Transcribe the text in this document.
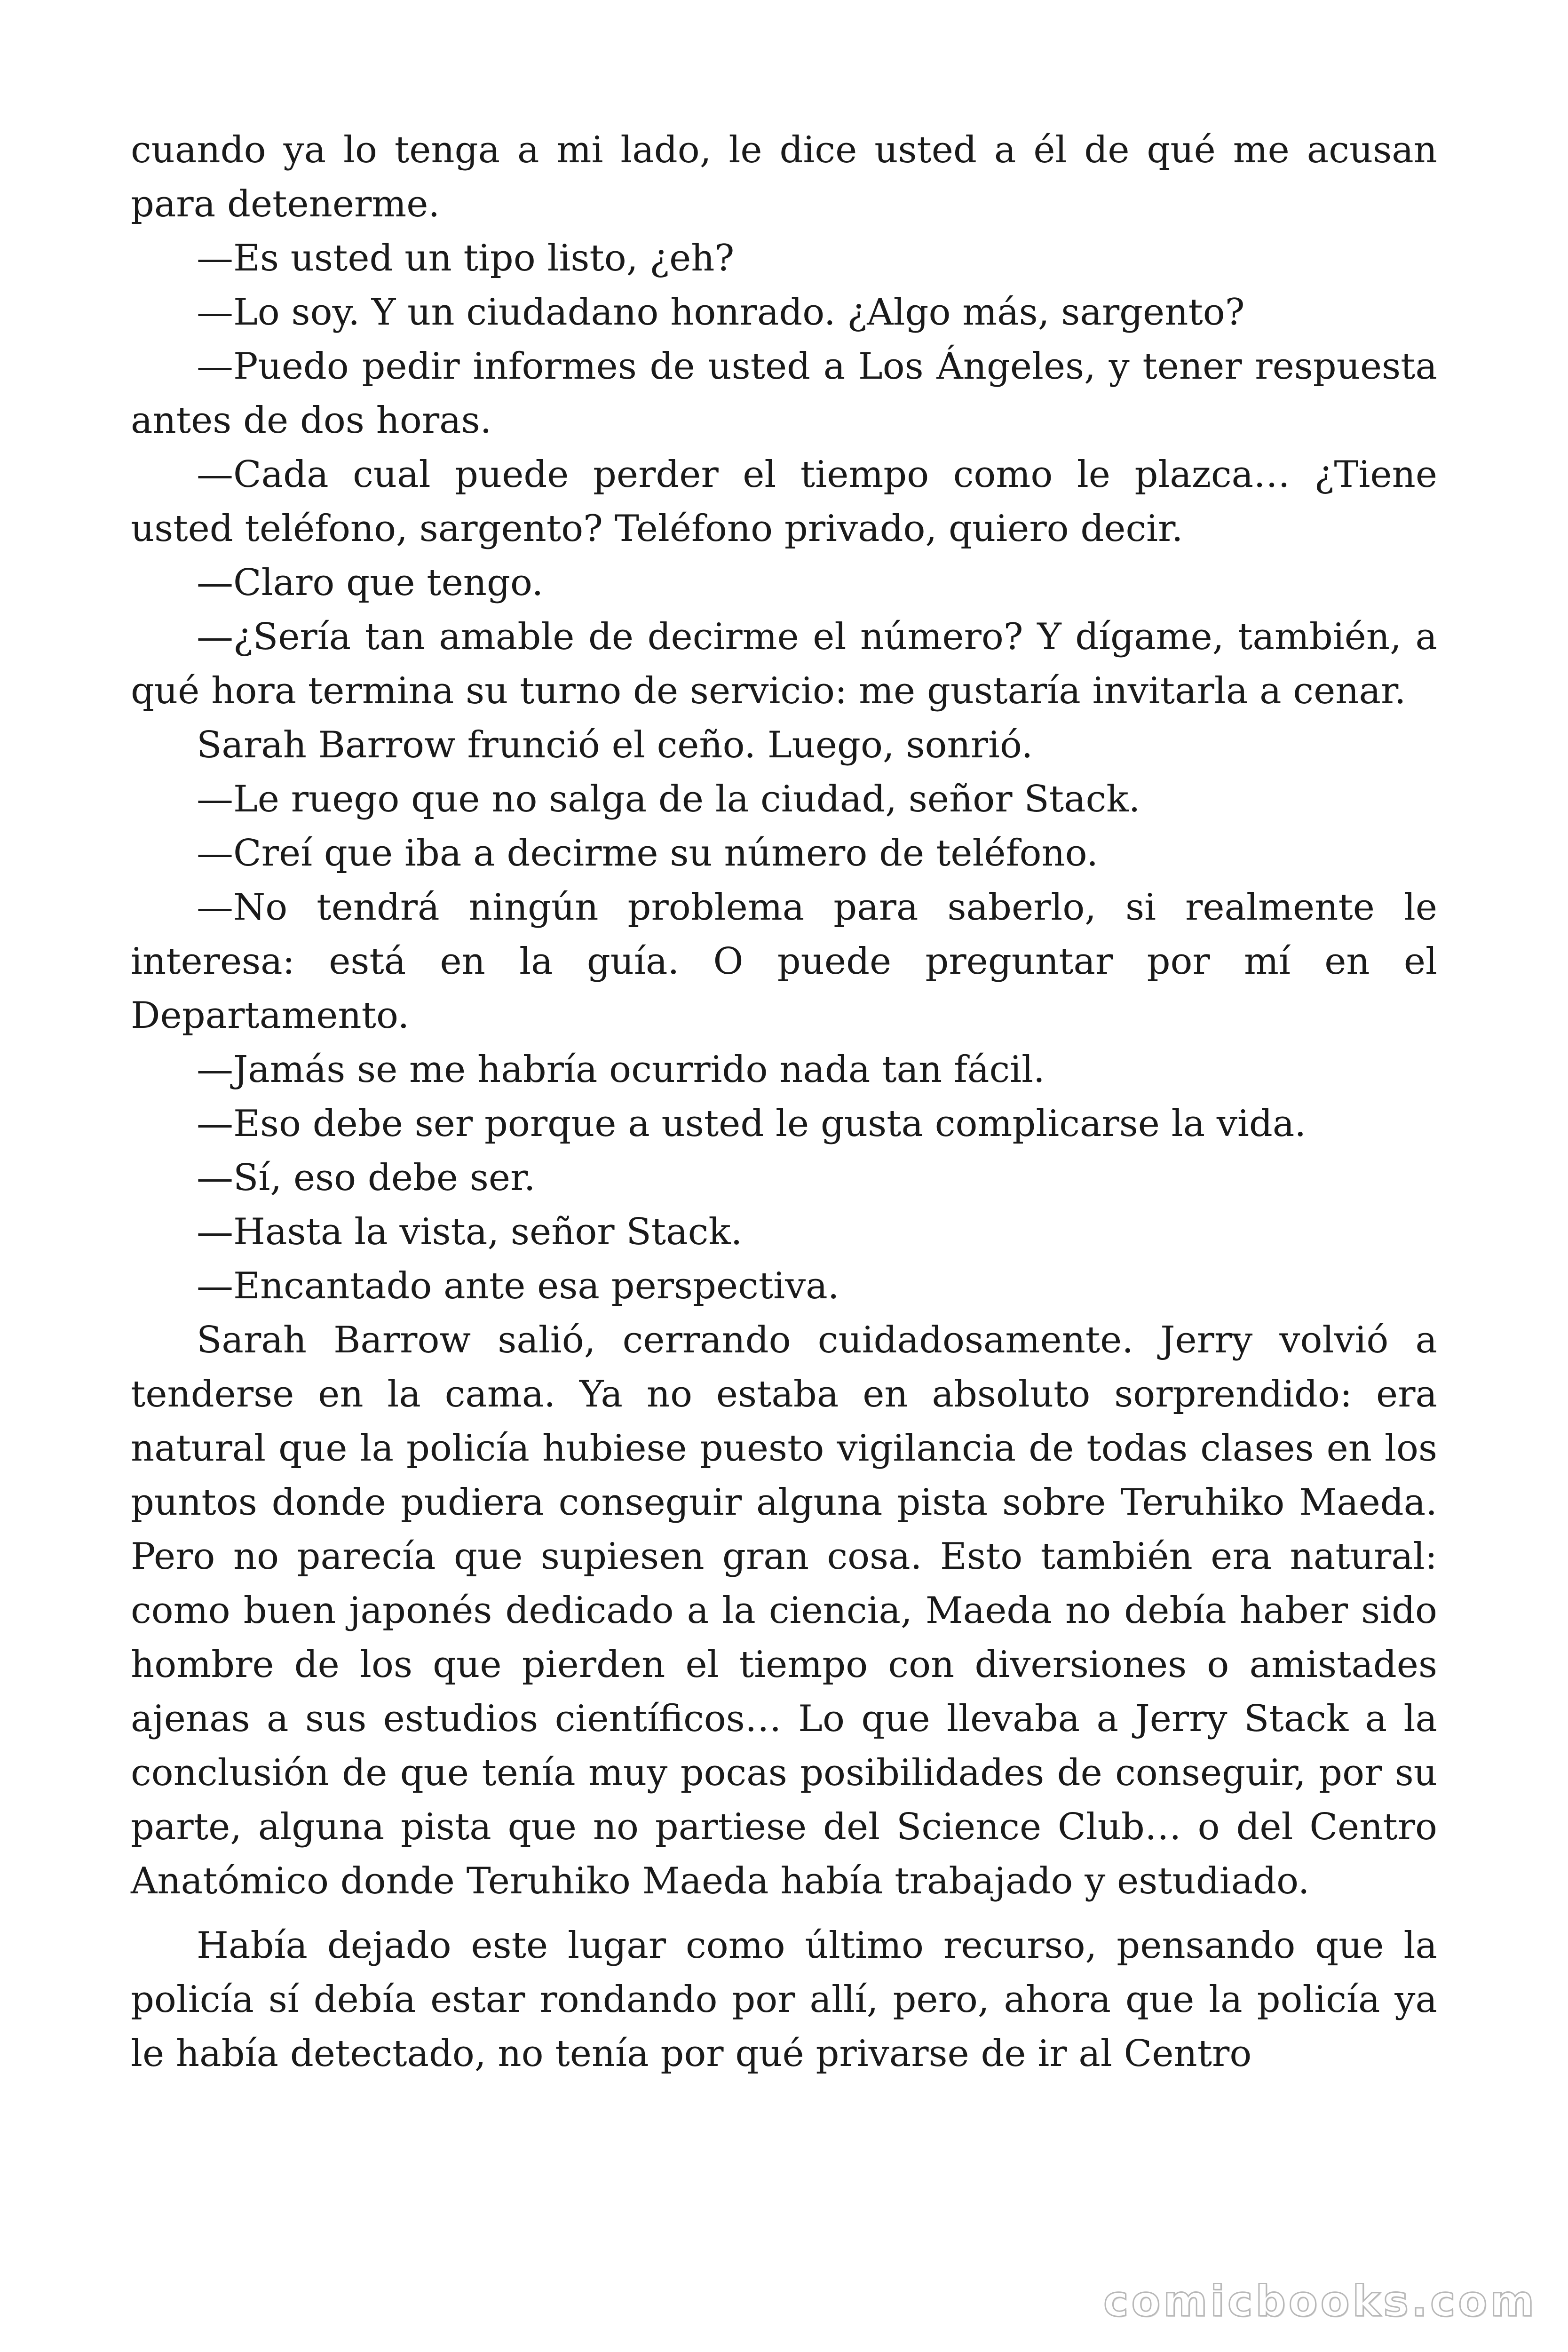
cuando ya lo tenga a mi lado, le dice usted a él de qué me acusan para detenerme.

—Es usted un tipo listo, ¿eh?

—Lo soy. Y un ciudadano honrado. ¿Algo más, sargento?

—Puedo pedir informes de usted a Los Ángeles, y tener respuesta antes de dos horas.

—Cada cual puede perder el tiempo como le plazca… ¿Tiene usted teléfono, sargento? Teléfono privado, quiero decir.

—Claro que tengo.

—¿Sería tan amable de decirme el número? Y dígame, también, a qué hora termina su turno de servicio: me gustaría invitarla a cenar.

Sarah Barrow frunció el ceño. Luego, sonrió.

—Le ruego que no salga de la ciudad, señor Stack.

—Creí que iba a decirme su número de teléfono.

—No tendrá ningún problema para saberlo, si realmente le interesa: está en la guía. O puede preguntar por mí en el Departamento.

—Jamás se me habría ocurrido nada tan fácil.

—Eso debe ser porque a usted le gusta complicarse la vida.

—Sí, eso debe ser.

—Hasta la vista, señor Stack.

—Encantado ante esa perspectiva.

Sarah Barrow salió, cerrando cuidadosamente. Jerry volvió a tenderse en la cama. Ya no estaba en absoluto sorprendido: era natural que la policía hubiese puesto vigilancia de todas clases en los puntos donde pudiera conseguir alguna pista sobre Teruhiko Maeda. Pero no parecía que supiesen gran cosa. Esto también era natural: como buen japonés dedicado a la ciencia, Maeda no debía haber sido hombre de los que pierden el tiempo con diversiones o amistades ajenas a sus estudios científicos… Lo que llevaba a Jerry Stack a la conclusión de que tenía muy pocas posibilidades de conseguir, por su parte, alguna pista que no partiese del Science Club… o del Centro Anatómico donde Teruhiko Maeda había trabajado y estudiado.

Había dejado este lugar como último recurso, pensando que la policía sí debía estar rondando por allí, pero, ahora que la policía ya le había detectado, no tenía por qué privarse de ir al Centro

comicbooks.com
